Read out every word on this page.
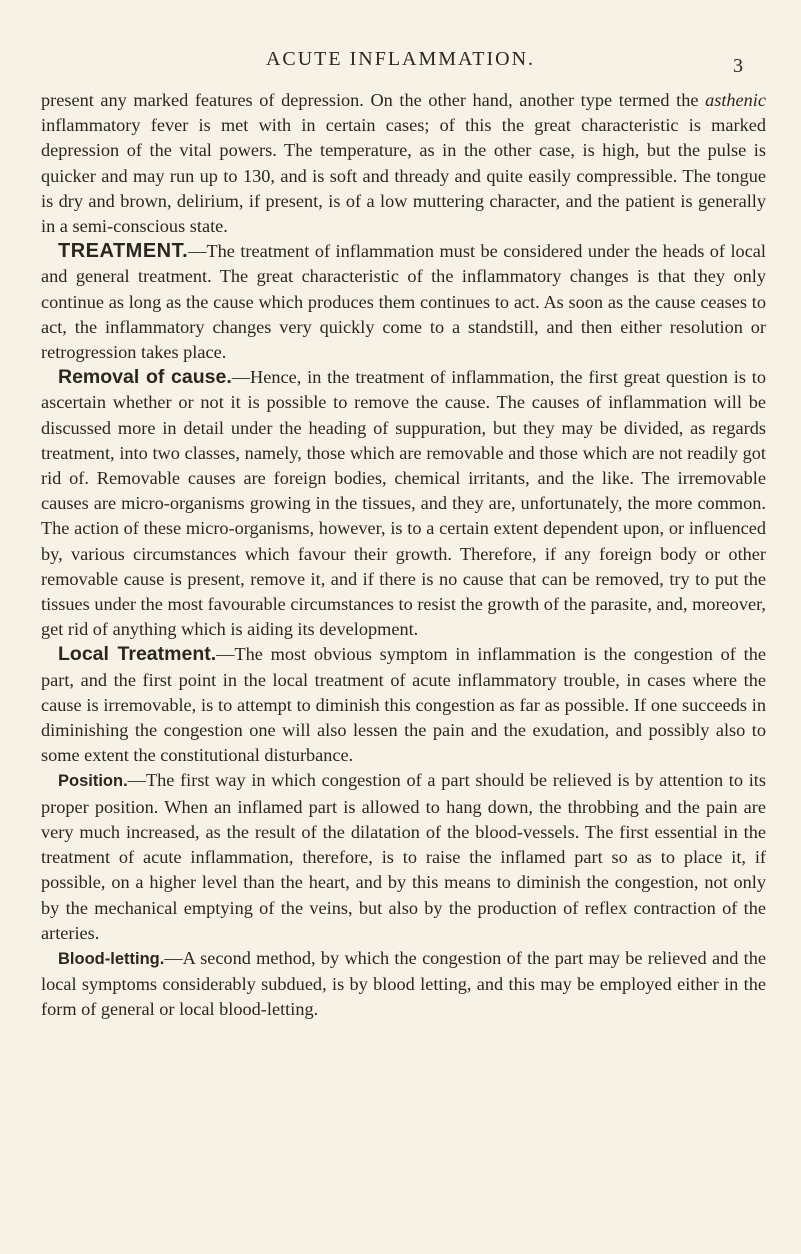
ACUTE INFLAMMATION.	3

present any marked features of depression. On the other hand, another type termed the asthenic inflammatory fever is met with in certain cases; of this the great characteristic is marked depression of the vital powers. The temperature, as in the other case, is high, but the pulse is quicker and may run up to 130, and is soft and thready and quite easily compressible. The tongue is dry and brown, delirium, if present, is of a low muttering character, and the patient is generally in a semi-conscious state.

TREATMENT.—The treatment of inflammation must be considered under the heads of local and general treatment. The great characteristic of the inflammatory changes is that they only continue as long as the cause which produces them continues to act. As soon as the cause ceases to act, the inflammatory changes very quickly come to a standstill, and then either resolution or retrogression takes place.

Removal of cause.—Hence, in the treatment of inflammation, the first great question is to ascertain whether or not it is possible to remove the cause. The causes of inflammation will be discussed more in detail under the heading of suppuration, but they may be divided, as regards treatment, into two classes, namely, those which are removable and those which are not readily got rid of. Removable causes are foreign bodies, chemical irritants, and the like. The irremovable causes are micro-organisms growing in the tissues, and they are, unfortunately, the more common. The action of these micro-organisms, however, is to a certain extent dependent upon, or influenced by, various circumstances which favour their growth. Therefore, if any foreign body or other removable cause is present, remove it, and if there is no cause that can be removed, try to put the tissues under the most favourable circumstances to resist the growth of the parasite, and, moreover, get rid of anything which is aiding its development.

Local Treatment.—The most obvious symptom in inflammation is the congestion of the part, and the first point in the local treatment of acute inflammatory trouble, in cases where the cause is irremovable, is to attempt to diminish this congestion as far as possible. If one succeeds in diminishing the congestion one will also lessen the pain and the exudation, and possibly also to some extent the constitutional disturbance.

Position.—The first way in which congestion of a part should be relieved is by attention to its proper position. When an inflamed part is allowed to hang down, the throbbing and the pain are very much increased, as the result of the dilatation of the blood-vessels. The first essential in the treatment of acute inflammation, therefore, is to raise the inflamed part so as to place it, if possible, on a higher level than the heart, and by this means to diminish the congestion, not only by the mechanical emptying of the veins, but also by the production of reflex contraction of the arteries.

Blood-letting.—A second method, by which the congestion of the part may be relieved and the local symptoms considerably subdued, is by blood letting, and this may be employed either in the form of general or local blood-letting.
